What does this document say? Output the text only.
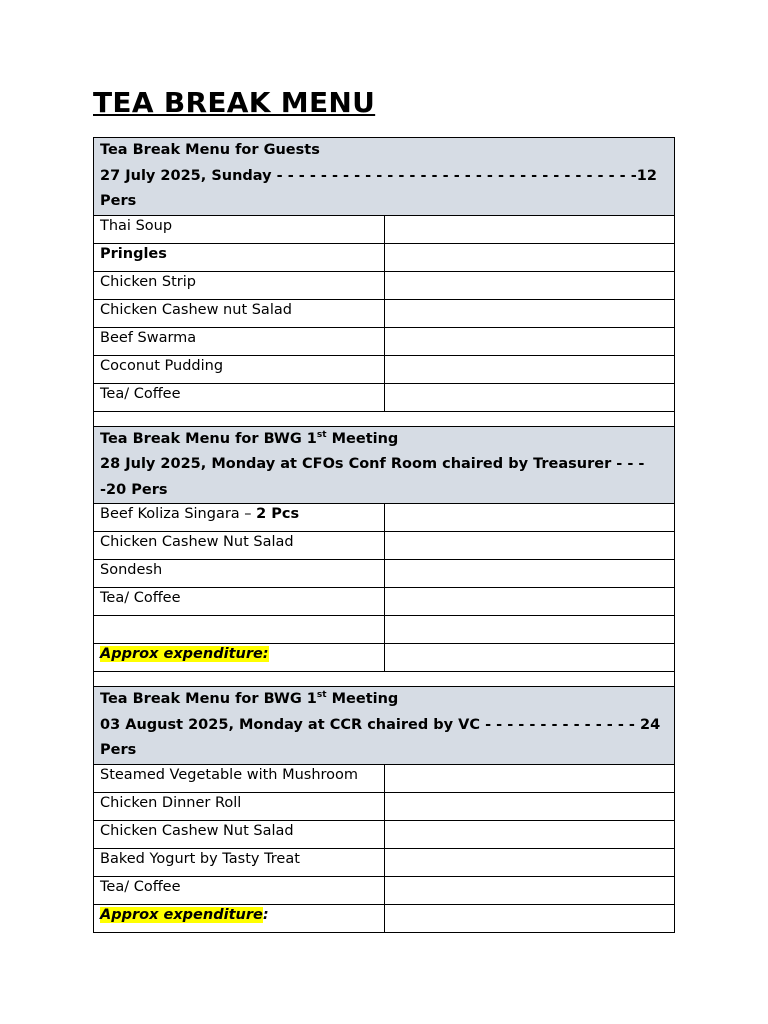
TEA BREAK MENU
Tea Break Menu for Guests
27 July 2025, Sunday - - - - - - - - - - - - - - - - - - - - - - - - - - - - - - - - -12 Pers	

Thai Soup	
Pringles	
Chicken Strip	
Chicken Cashew nut Salad	
Beef Swarma	
Coconut Pudding	
Tea/ Coffee	

Tea Break Menu for BWG 1st Meeting
28 July 2025, Monday at CFOs Conf Room chaired by Treasurer - - - -20 Pers	

Beef Koliza Singara – 2 Pcs	
Chicken Cashew Nut Salad	
Sondesh	
Tea/ Coffee	

Approx expenditure:	

Tea Break Menu for BWG 1st Meeting
03 August 2025, Monday at CCR chaired by VC - - - - - - - - - - - - - - 24 Pers	

Steamed Vegetable with Mushroom	
Chicken Dinner Roll	
Chicken Cashew Nut Salad	
Baked Yogurt by Tasty Treat	
Tea/ Coffee	
Approx expenditure:	
